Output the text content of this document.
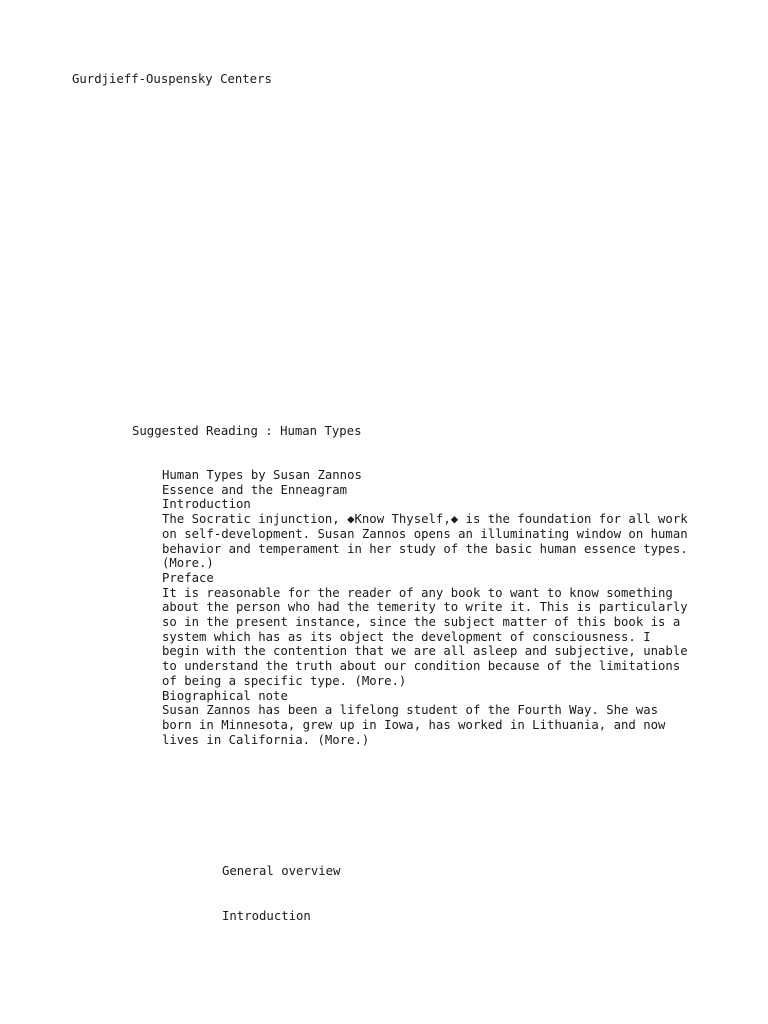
Gurdjieff-Ouspensky Centers
Suggested Reading : Human Types
Human Types by Susan Zannos
Essence and the Enneagram
Introduction
The Socratic injunction, ◆Know Thyself,◆ is the foundation for all work on self-development. Susan Zannos opens an illuminating window on human behavior and temperament in her study of the basic human essence types. (More.)
Preface
It is reasonable for the reader of any book to want to know something about the person who had the temerity to write it. This is particularly so in the present instance, since the subject matter of this book is a system which has as its object the development of consciousness. I begin with the contention that we are all asleep and subjective, unable to understand the truth about our condition because of the limitations of being a specific type. (More.)
Biographical note
Susan Zannos has been a lifelong student of the Fourth Way. She was born in Minnesota, grew up in Iowa, has worked in Lithuania, and now lives in California. (More.)
General overview
Introduction
